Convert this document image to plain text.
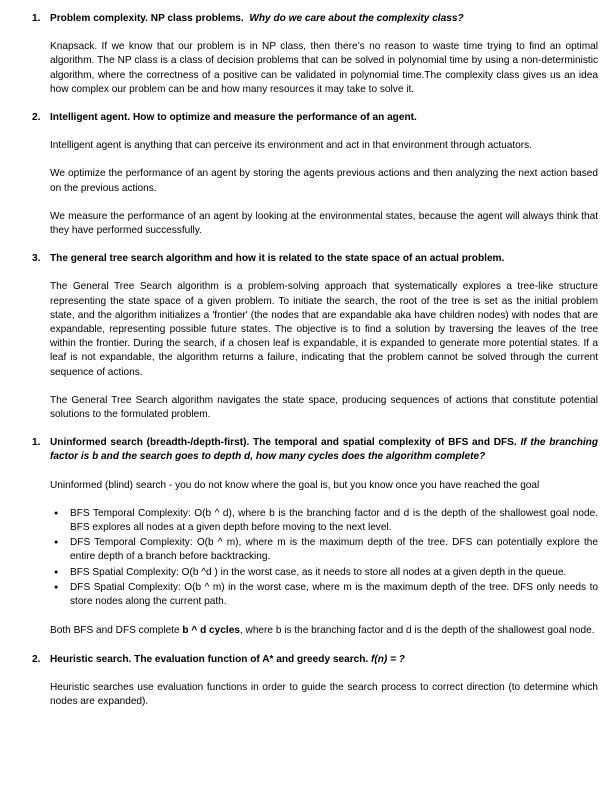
1. Problem complexity. NP class problems. Why do we care about the complexity class?

Knapsack. If we know that our problem is in NP class, then there’s no reason to waste time trying to find an optimal algorithm. The NP class is a class of decision problems that can be solved in polynomial time by using a non-deterministic algorithm, where the correctness of a positive can be validated in polynomial time.The complexity class gives us an idea how complex our problem can be and how many resources it may take to solve it.

2. Intelligent agent. How to optimize and measure the performance of an agent.

Intelligent agent is anything that can perceive its environment and act in that environment through actuators.

We optimize the performance of an agent by storing the agents previous actions and then analyzing the next action based on the previous actions.

We measure the performance of an agent by looking at the environmental states, because the agent will always think that they have performed successfully.

3. The general tree search algorithm and how it is related to the state space of an actual problem.

The General Tree Search algorithm is a problem-solving approach that systematically explores a tree-like structure representing the state space of a given problem. To initiate the search, the root of the tree is set as the initial problem state, and the algorithm initializes a 'frontier' (the nodes that are expandable aka have children nodes) with nodes that are expandable, representing possible future states. The objective is to find a solution by traversing the leaves of the tree within the frontier. During the search, if a chosen leaf is expandable, it is expanded to generate more potential states. If a leaf is not expandable, the algorithm returns a failure, indicating that the problem cannot be solved through the current sequence of actions.

The General Tree Search algorithm navigates the state space, producing sequences of actions that constitute potential solutions to the formulated problem.

1. Uninformed search (breadth-/depth-first). The temporal and spatial complexity of BFS and DFS. If the branching factor is b and the search goes to depth d, how many cycles does the algorithm complete?

Uninformed (blind) search - you do not know where the goal is, but you know once you have reached the goal

● BFS Temporal Complexity: O(b ^ d), where b is the branching factor and d is the depth of the shallowest goal node. BFS explores all nodes at a given depth before moving to the next level.
● DFS Temporal Complexity: O(b ^ m), where m is the maximum depth of the tree. DFS can potentially explore the entire depth of a branch before backtracking.
● BFS Spatial Complexity: O(b ^d ) in the worst case, as it needs to store all nodes at a given depth in the queue.
● DFS Spatial Complexity: O(b ^ m) in the worst case, where m is the maximum depth of the tree. DFS only needs to store nodes along the current path.

Both BFS and DFS complete b ^ d cycles, where b is the branching factor and d is the depth of the shallowest goal node.

2. Heuristic search. The evaluation function of A* and greedy search. f(n) = ?

Heuristic searches use evaluation functions in order to guide the search process to correct direction (to determine which nodes are expanded).
